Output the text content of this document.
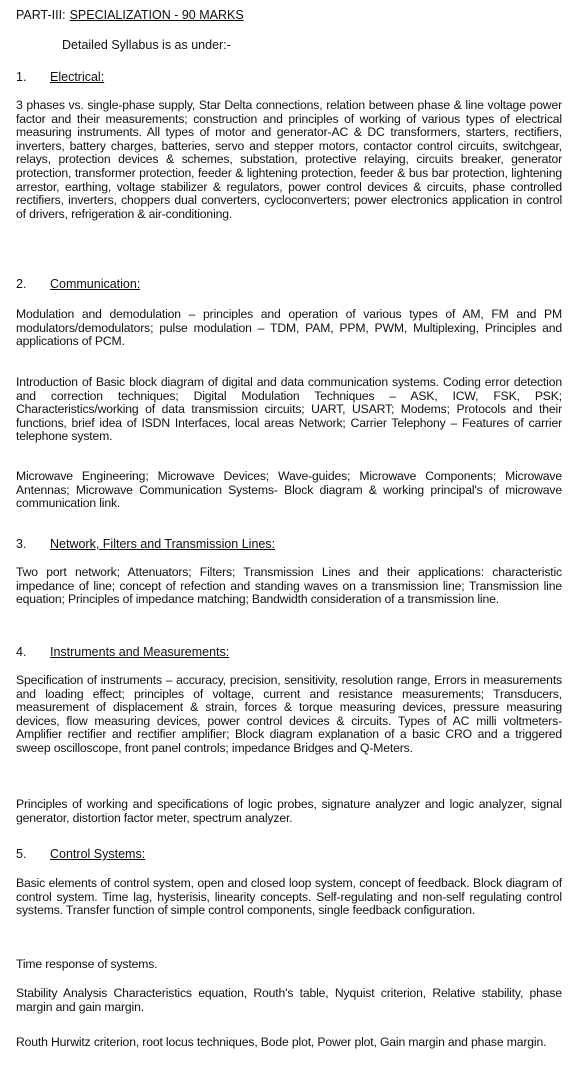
PART-III: SPECIALIZATION - 90 MARKS
Detailed Syllabus is as under:-
1. Electrical:
3 phases vs. single-phase supply, Star Delta connections, relation between phase & line voltage power factor and their measurements; construction and principles of working of various types of electrical measuring instruments. All types of motor and generator-AC & DC transformers, starters, rectifiers, inverters, battery charges, batteries, servo and stepper motors, contactor control circuits, switchgear, relays, protection devices & schemes, substation, protective relaying, circuits breaker, generator protection, transformer protection, feeder & lightening protection, feeder & bus bar protection, lightening arrestor, earthing, voltage stabilizer & regulators, power control devices & circuits, phase controlled rectifiers, inverters, choppers dual converters, cycloconverters; power electronics application in control of drivers, refrigeration & air-conditioning.
2. Communication:
Modulation and demodulation – principles and operation of various types of AM, FM and PM modulators/demodulators; pulse modulation – TDM, PAM, PPM, PWM, Multiplexing, Principles and applications of PCM.
Introduction of Basic block diagram of digital and data communication systems. Coding error detection and correction techniques; Digital Modulation Techniques – ASK, ICW, FSK, PSK; Characteristics/working of data transmission circuits; UART, USART; Modems; Protocols and their functions, brief idea of ISDN Interfaces, local areas Network; Carrier Telephony – Features of carrier telephone system.
Microwave Engineering; Microwave Devices; Wave-guides; Microwave Components; Microwave Antennas; Microwave Communication Systems- Block diagram & working principal's of microwave communication link.
3. Network, Filters and Transmission Lines:
Two port network; Attenuators; Filters; Transmission Lines and their applications: characteristic impedance of line; concept of refection and standing waves on a transmission line; Transmission line equation; Principles of impedance matching; Bandwidth consideration of a transmission line.
4. Instruments and Measurements:
Specification of instruments – accuracy, precision, sensitivity, resolution range, Errors in measurements and loading effect; principles of voltage, current and resistance measurements; Transducers, measurement of displacement & strain, forces & torque measuring devices, pressure measuring devices, flow measuring devices, power control devices & circuits. Types of AC milli voltmeters- Amplifier rectifier and rectifier amplifier; Block diagram explanation of a basic CRO and a triggered sweep oscilloscope, front panel controls; impedance Bridges and Q-Meters.
Principles of working and specifications of logic probes, signature analyzer and logic analyzer, signal generator, distortion factor meter, spectrum analyzer.
5. Control Systems:
Basic elements of control system, open and closed loop system, concept of feedback. Block diagram of control system. Time lag, hysterisis, linearity concepts. Self-regulating and non-self regulating control systems. Transfer function of simple control components, single feedback configuration.
Time response of systems.
Stability Analysis Characteristics equation, Routh's table, Nyquist criterion, Relative stability, phase margin and gain margin.
Routh Hurwitz criterion, root locus techniques, Bode plot, Power plot, Gain margin and phase margin.
